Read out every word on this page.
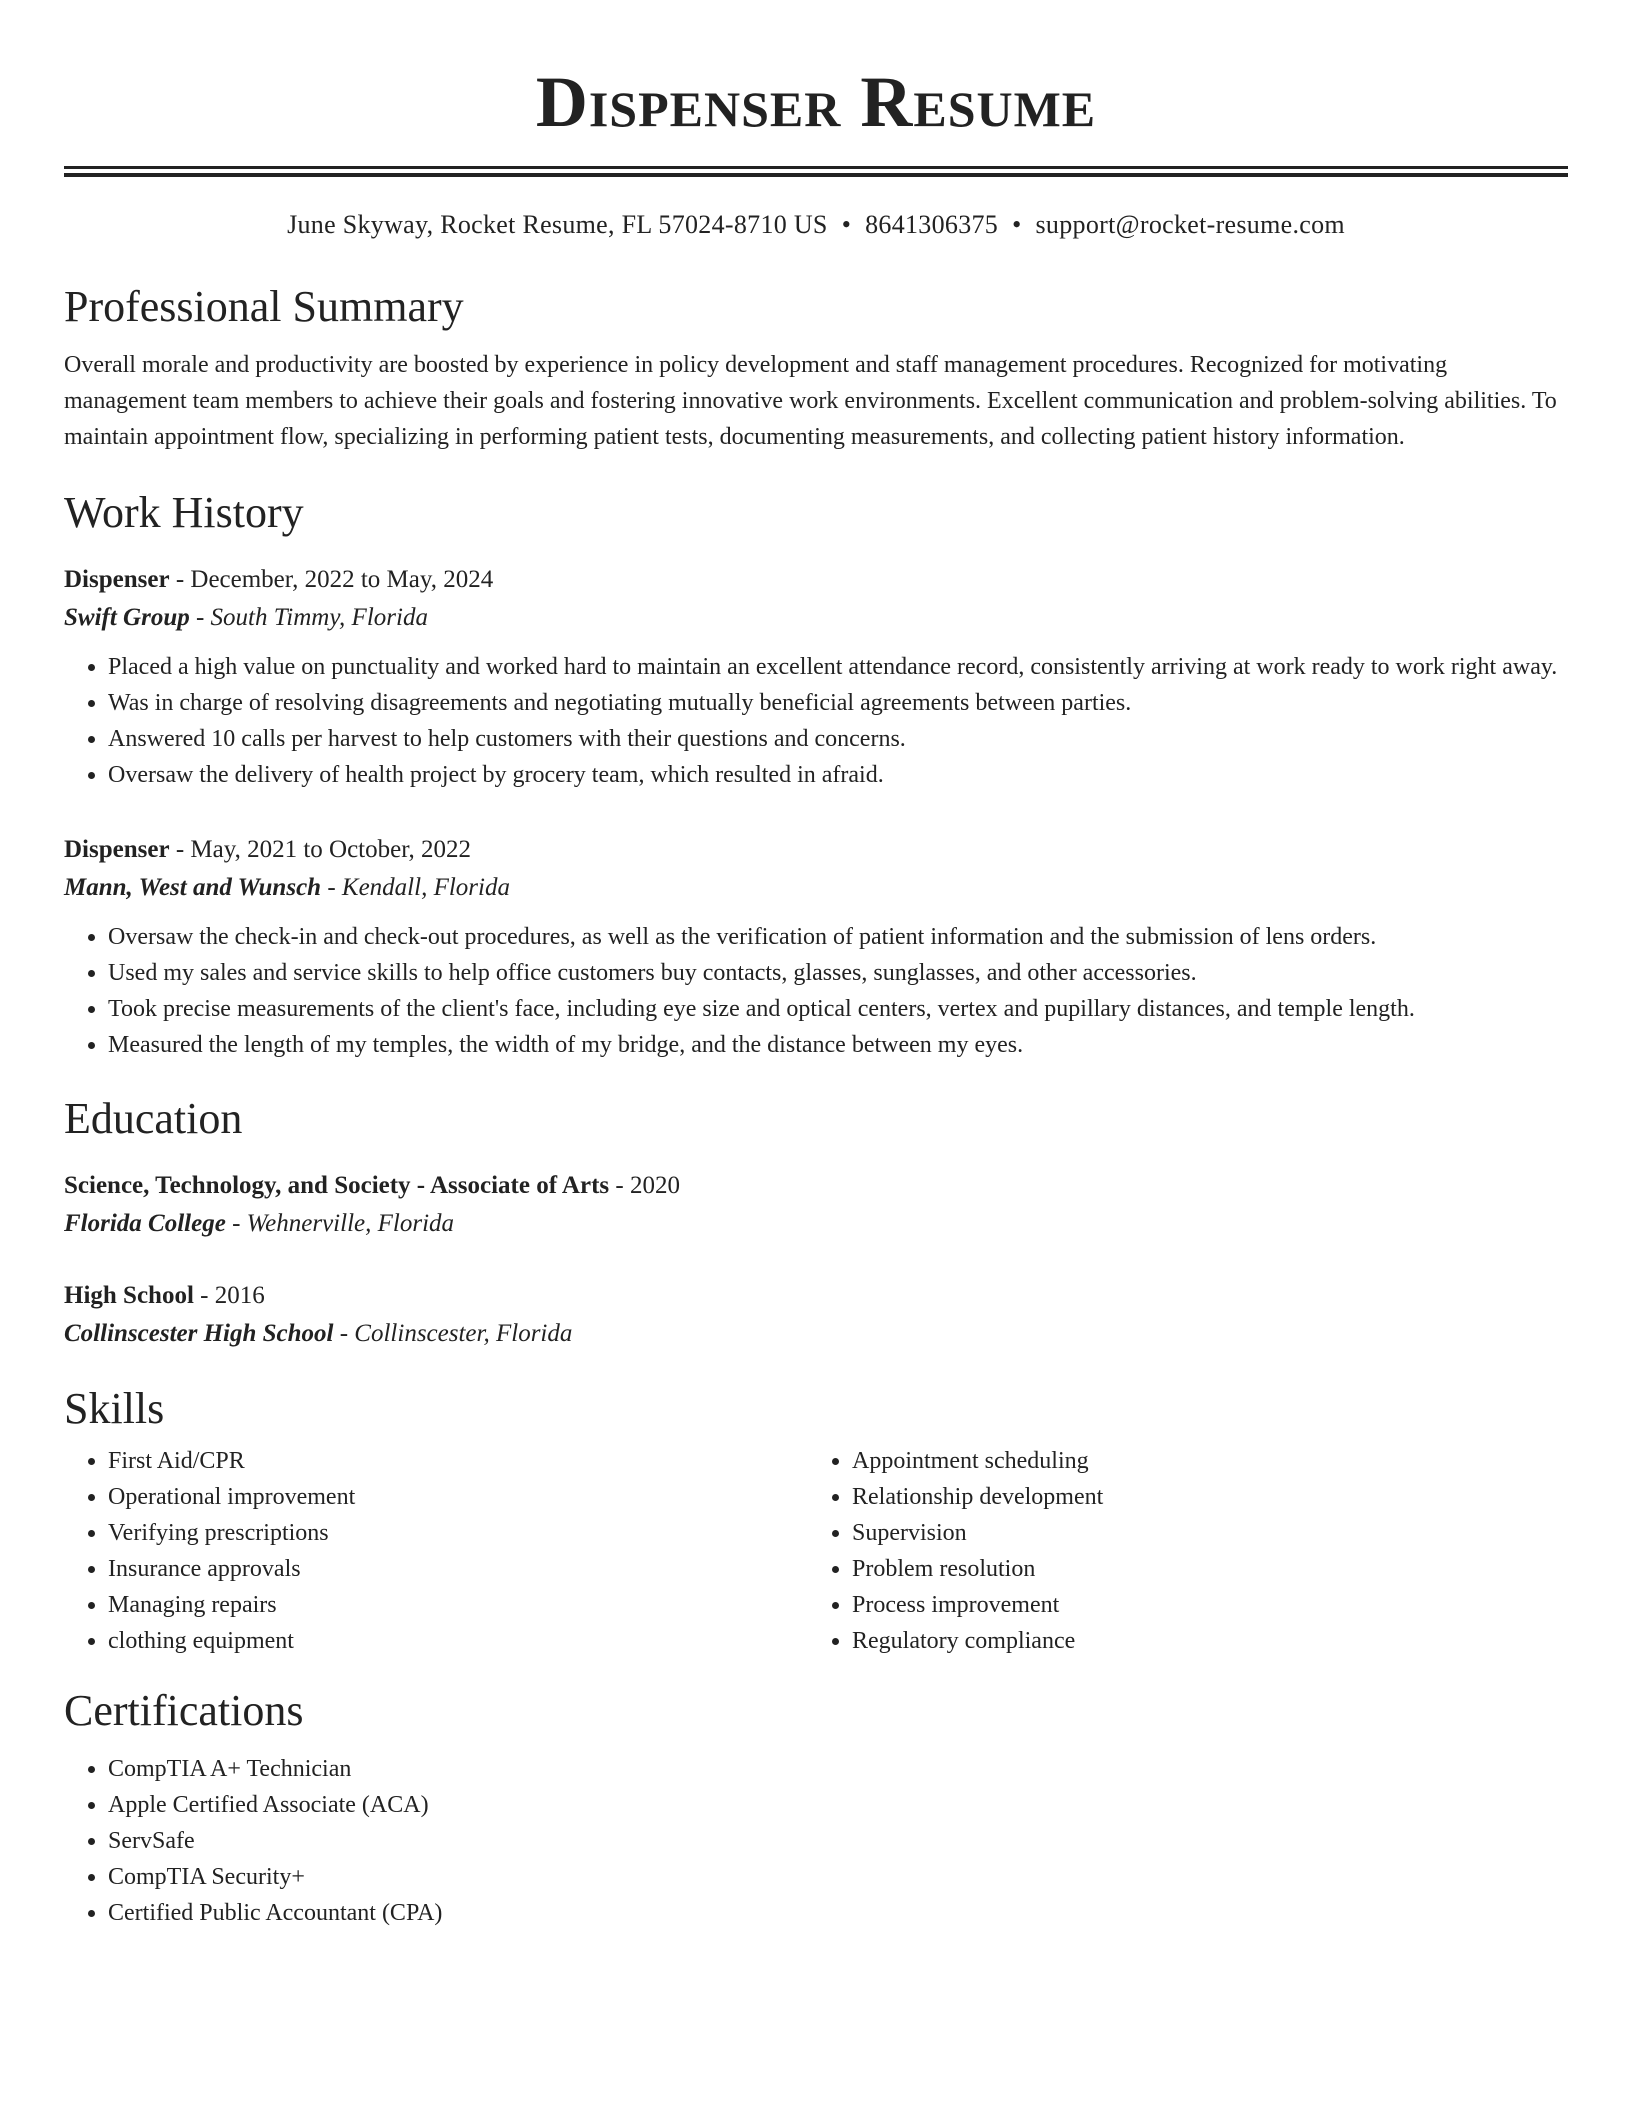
Dispenser Resume
June Skyway, Rocket Resume, FL 57024-8710 US • 8641306375 • support@rocket-resume.com
Professional Summary

Overall morale and productivity are boosted by experience in policy development and staff management procedures. Recognized for motivating management team members to achieve their goals and fostering innovative work environments. Excellent communication and problem-solving abilities. To maintain appointment flow, specializing in performing patient tests, documenting measurements, and collecting patient history information.

Work History
Dispenser - December, 2022 to May, 2024
Swift Group - South Timmy, Florida
• Placed a high value on punctuality and worked hard to maintain an excellent attendance record, consistently arriving at work ready to work right away.
• Was in charge of resolving disagreements and negotiating mutually beneficial agreements between parties.
• Answered 10 calls per harvest to help customers with their questions and concerns.
• Oversaw the delivery of health project by grocery team, which resulted in afraid.
Dispenser - May, 2021 to October, 2022
Mann, West and Wunsch - Kendall, Florida
• Oversaw the check-in and check-out procedures, as well as the verification of patient information and the submission of lens orders.
• Used my sales and service skills to help office customers buy contacts, glasses, sunglasses, and other accessories.
• Took precise measurements of the client's face, including eye size and optical centers, vertex and pupillary distances, and temple length.
• Measured the length of my temples, the width of my bridge, and the distance between my eyes.
Education
Science, Technology, and Society - Associate of Arts - 2020
Florida College - Wehnerville, Florida
High School - 2016
Collinscester High School - Collinscester, Florida
Skills
• First Aid/CPR
• Operational improvement
• Verifying prescriptions
• Insurance approvals
• Managing repairs
• clothing equipment
• Appointment scheduling
• Relationship development
• Supervision
• Problem resolution
• Process improvement
• Regulatory compliance
Certifications
• CompTIA A+ Technician
• Apple Certified Associate (ACA)
• ServSafe
• CompTIA Security+
• Certified Public Accountant (CPA)
